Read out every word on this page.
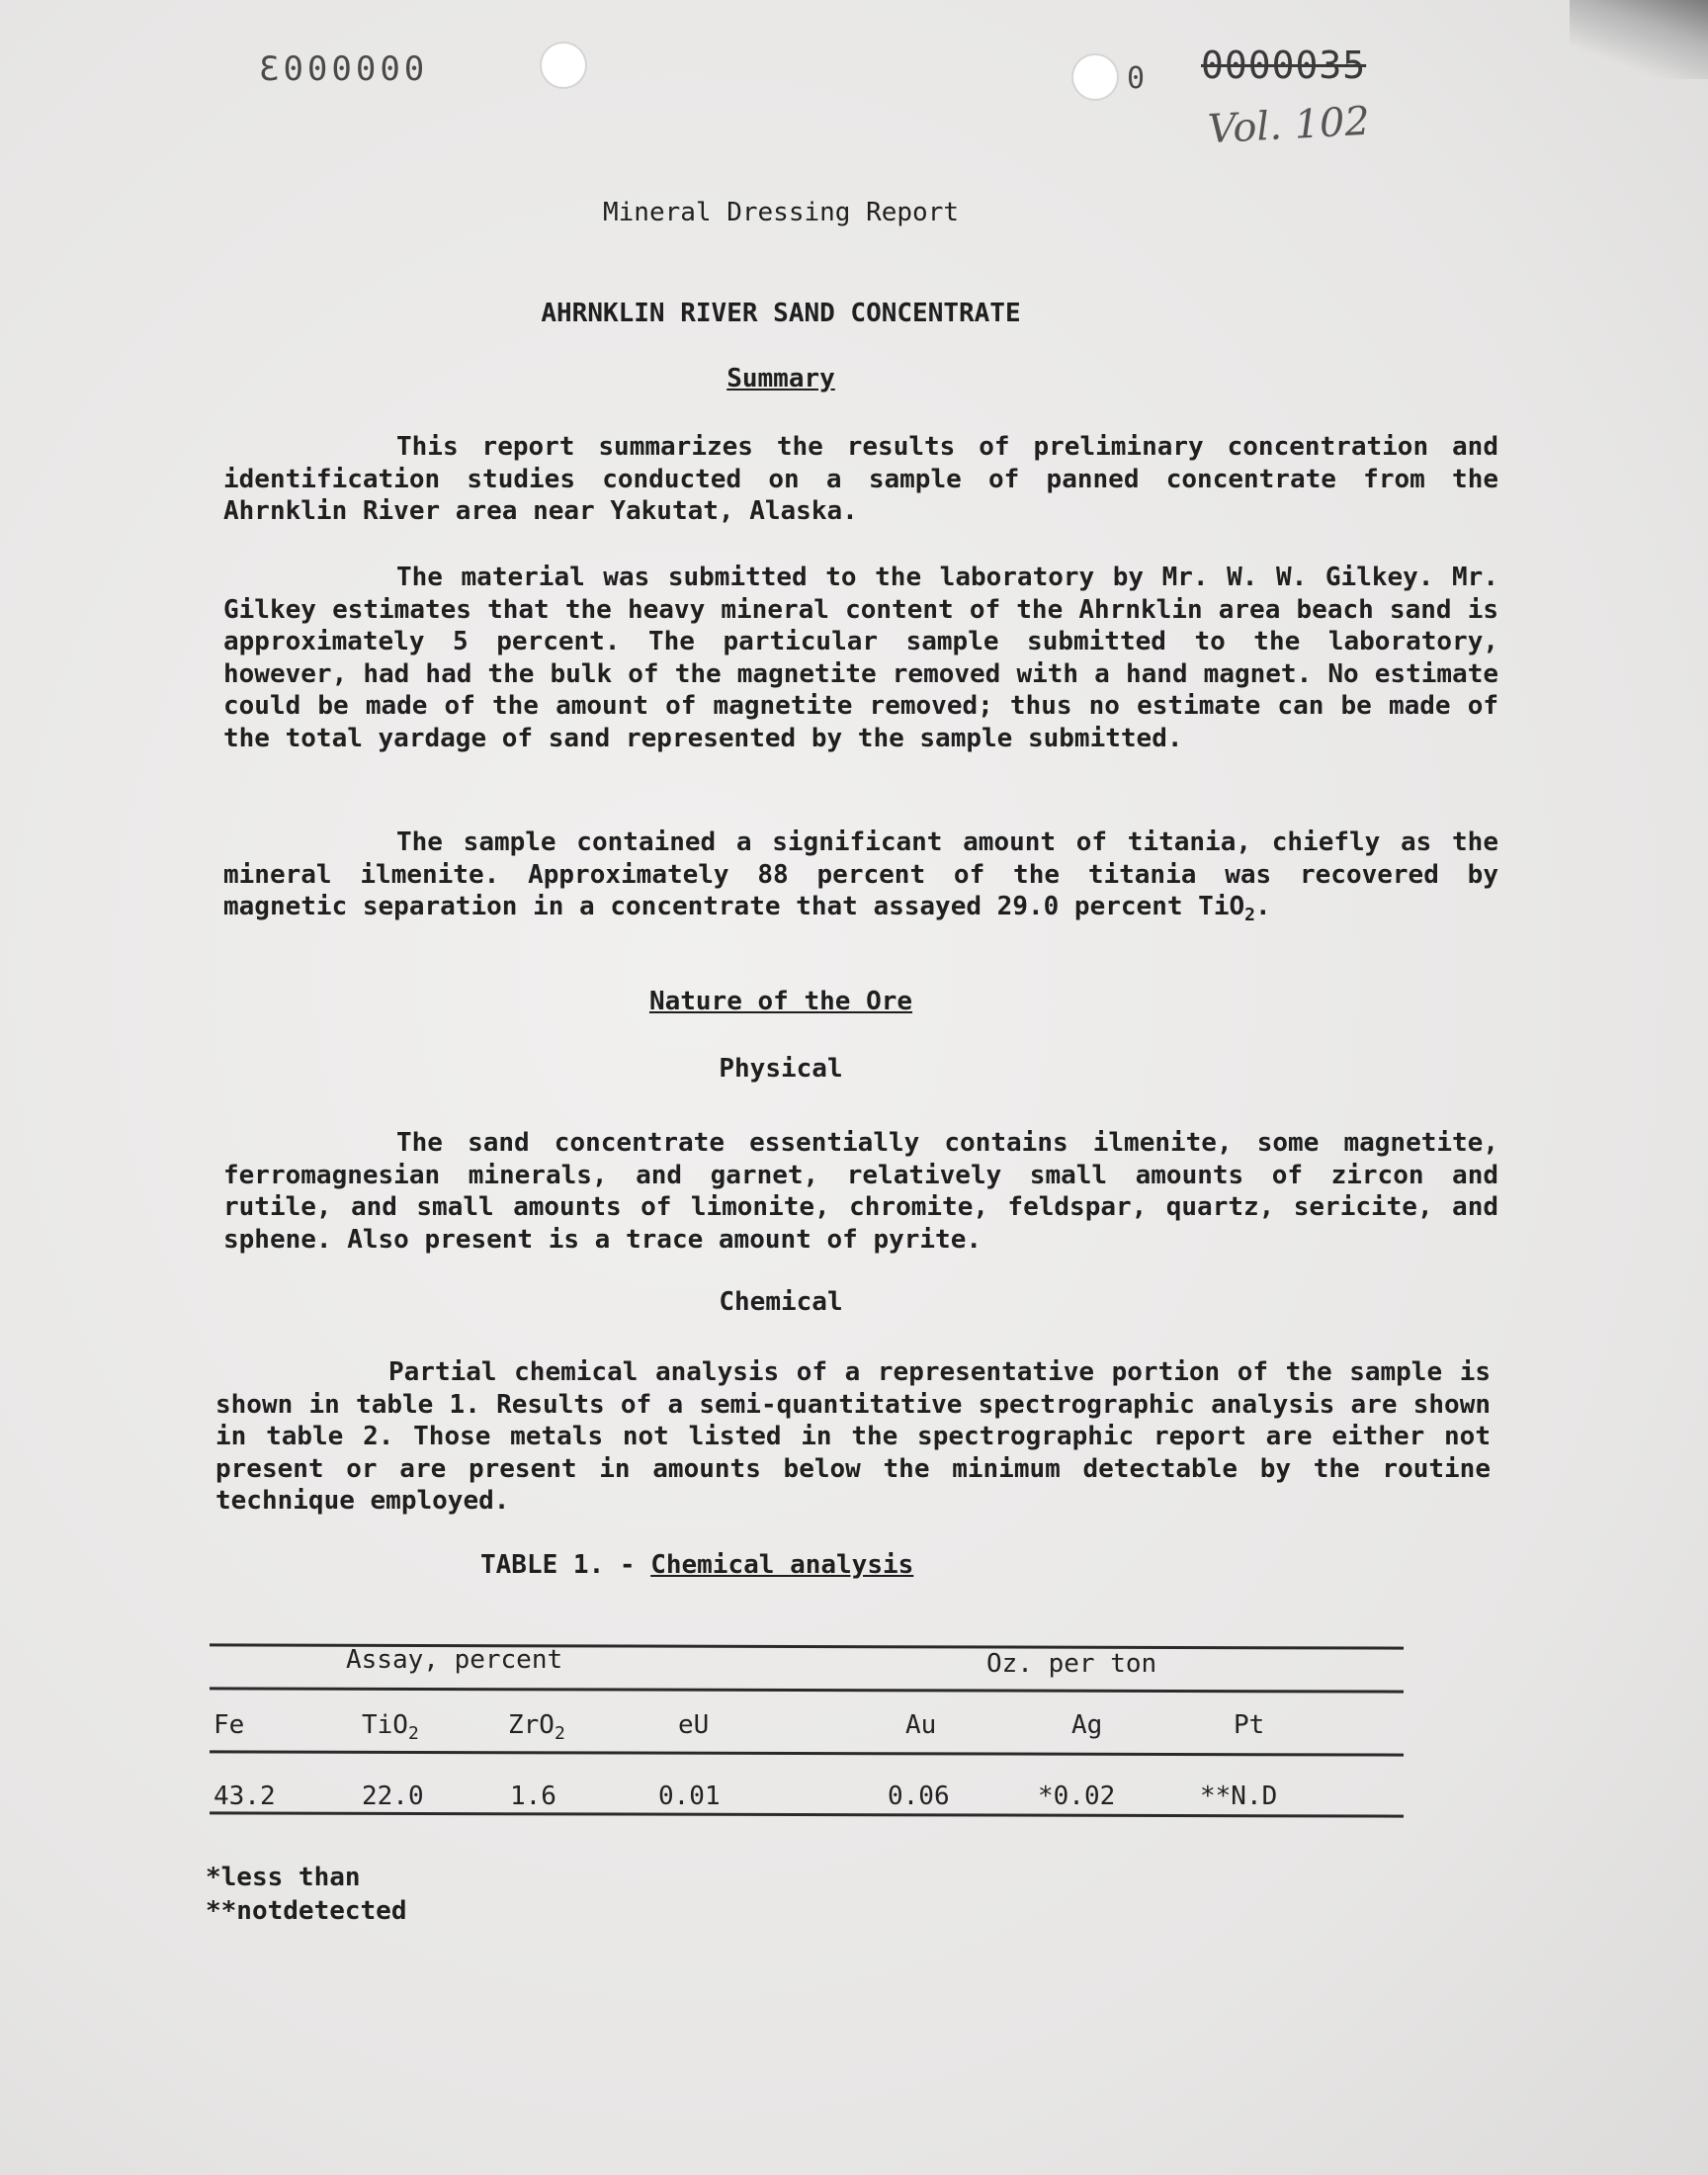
0000003	0 0000035
Vol. 102
Mineral Dressing Report
AHRNKLIN RIVER SAND CONCENTRATE
Summary

This report summarizes the results of preliminary concentration and identification studies conducted on a sample of panned concentrate from the Ahrnklin River area near Yakutat, Alaska.

The material was submitted to the laboratory by Mr. W. W. Gilkey. Mr. Gilkey estimates that the heavy mineral content of the Ahrnklin area beach sand is approximately 5 percent. The particular sample submitted to the laboratory, however, had had the bulk of the magnetite removed with a hand magnet. No estimate could be made of the amount of magnetite removed; thus no estimate can be made of the total yardage of sand represented by the sample submitted.

The sample contained a significant amount of titania, chiefly as the mineral ilmenite. Approximately 88 percent of the titania was recovered by magnetic separation in a concentrate that assayed 29.0 percent TiO$_2$.

Nature of the Ore
Physical

The sand concentrate essentially contains ilmenite, some magnetite, ferromagnesian minerals, and garnet, relatively small amounts of zircon and rutile, and small amounts of limonite, chromite, feldspar, quartz, sericite, and sphene. Also present is a trace amount of pyrite.

Chemical

Partial chemical analysis of a representative portion of the sample is shown in table 1. Results of a semi-quantitative spectrographic analysis are shown in table 2. Those metals not listed in the spectrographic report are either not present or are present in amounts below the minimum detectable by the routine technique employed.

TABLE 1. - Chemical analysis
Assay, percent	Oz. per ton
Fe	TiO$_2$	ZrO$_2$	eU	Au	Ag	Pt
43.2	22.0	1.6	0.01	0.06	*0.02	**N.D
*less than
**notdetected
